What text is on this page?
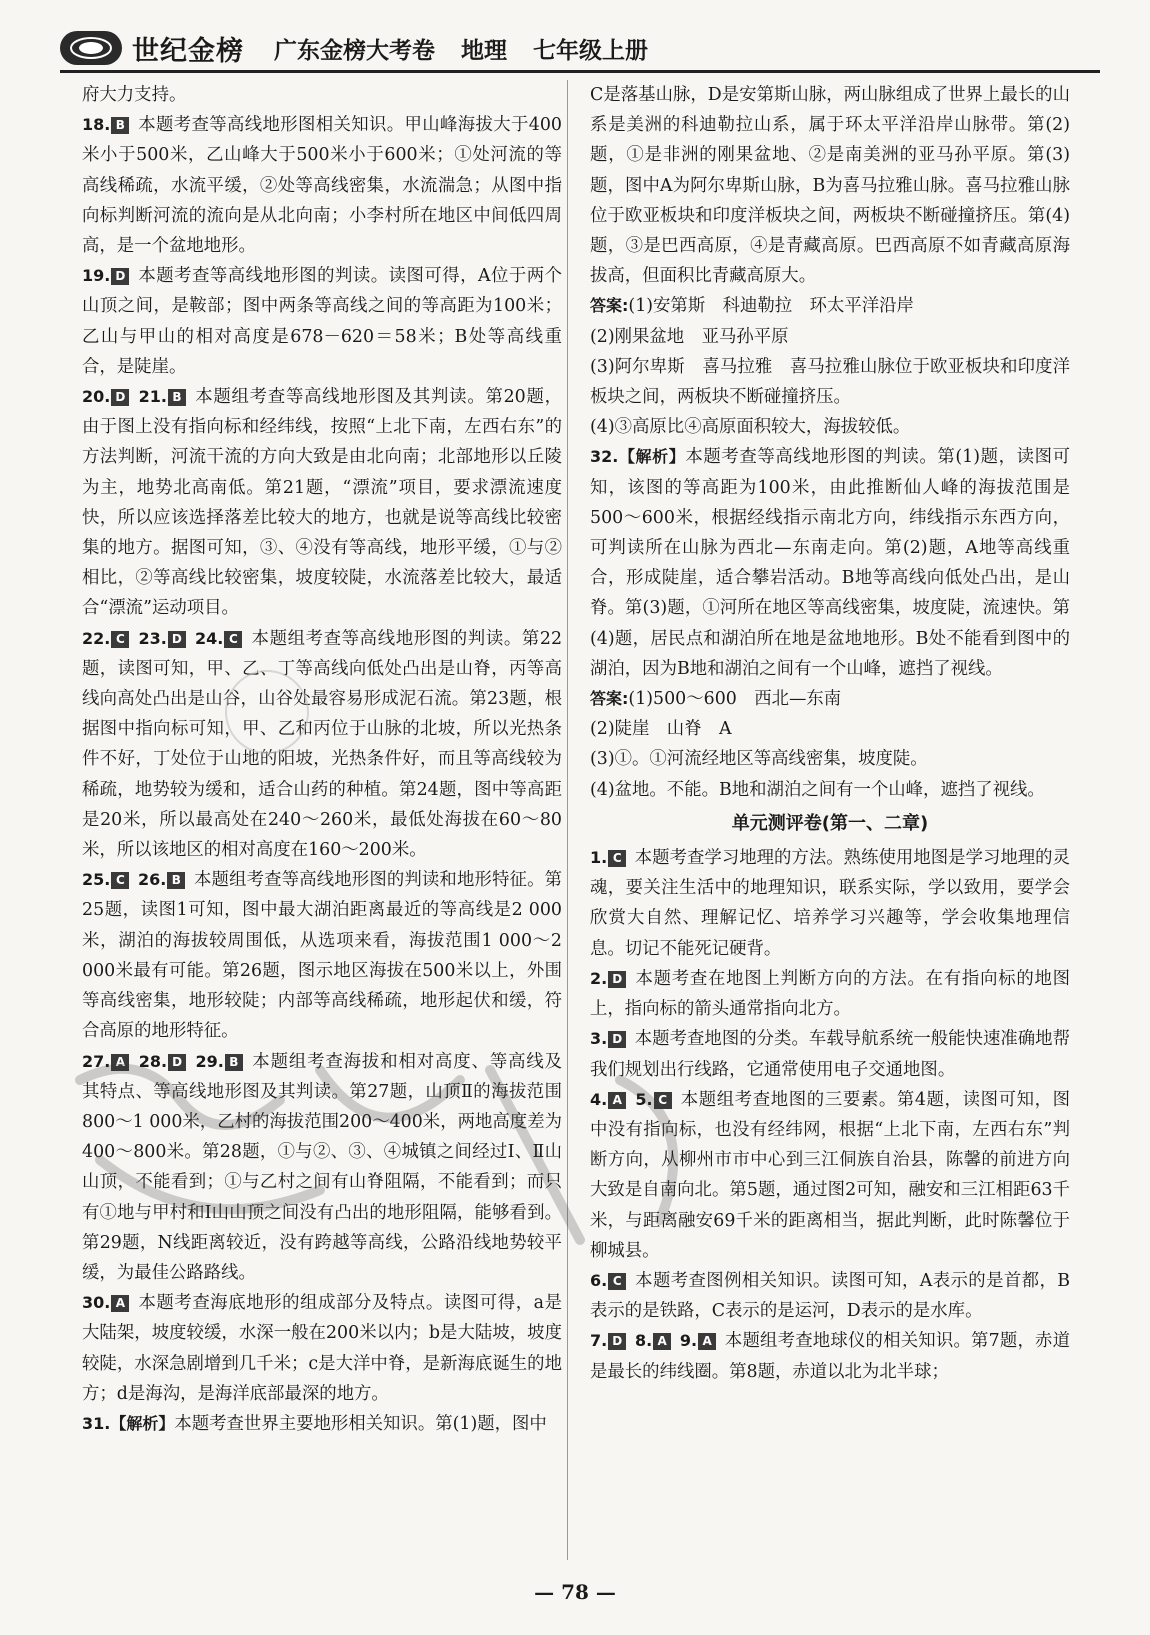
世纪金榜 广东金榜大考卷 地理 七年级上册

府大力支持。

18. B 本题考查等高线地形图相关知识。甲山峰海拔大于400米小于500米，乙山峰大于500米小于600米；①处河流的等高线稀疏，水流平缓，②处等高线密集，水流湍急；从图中指向标判断河流的流向是从北向南；小李村所在地区中间低四周高，是一个盆地地形。

19. D 本题考查等高线地形图的判读。读图可得，A位于两个山顶之间，是鞍部；图中两条等高线之间的等高距为100米；乙山与甲山的相对高度是678－620＝58米；B处等高线重合，是陡崖。

20. D 21. B 本题组考查等高线地形图及其判读。第20题，由于图上没有指向标和经纬线，按照“上北下南，左西右东”的方法判断，河流干流的方向大致是由北向南；北部地形以丘陵为主，地势北高南低。第21题，“漂流”项目，要求漂流速度快，所以应该选择落差比较大的地方，也就是说等高线比较密集的地方。据图可知，③、④没有等高线，地形平缓，①与②相比，②等高线比较密集，坡度较陡，水流落差比较大，最适合“漂流”运动项目。

22. C 23. D 24. C 本题组考查等高线地形图的判读。第22题，读图可知，甲、乙、丁等高线向低处凸出是山脊，丙等高线向高处凸出是山谷，山谷处最容易形成泥石流。第23题，根据图中指向标可知，甲、乙和丙位于山脉的北坡，所以光热条件不好，丁处位于山地的阳坡，光热条件好，而且等高线较为稀疏，地势较为缓和，适合山药的种植。第24题，图中等高距是20米，所以最高处在240～260米，最低处海拔在60～80米，所以该地区的相对高度在160～200米。

25. C 26. B 本题组考查等高线地形图的判读和地形特征。第25题，读图1可知，图中最大湖泊距离最近的等高线是2 000米，湖泊的海拔较周围低，从选项来看，海拔范围1 000～2 000米最有可能。第26题，图示地区海拔在500米以上，外围等高线密集，地形较陡；内部等高线稀疏，地形起伏和缓，符合高原的地形特征。

27. A 28. D 29. B 本题组考查海拔和相对高度、等高线及其特点、等高线地形图及其判读。第27题，山顶Ⅱ的海拔范围800～1 000米，乙村的海拔范围200～400米，两地高度差为400～800米。第28题，①与②、③、④城镇之间经过Ⅰ、Ⅱ山山顶，不能看到；①与乙村之间有山脊阻隔，不能看到；而只有①地与甲村和Ⅰ山山顶之间没有凸出的地形阻隔，能够看到。第29题，N线距离较近，没有跨越等高线，公路沿线地势较平缓，为最佳公路路线。

30. A 本题考查海底地形的组成部分及特点。读图可得，a是大陆架，坡度较缓，水深一般在200米以内；b是大陆坡，坡度较陡，水深急剧增到几千米；c是大洋中脊，是新海底诞生的地方；d是海沟，是海洋底部最深的地方。

31.【解析】本题考查世界主要地形相关知识。第(1)题，图中

C是落基山脉，D是安第斯山脉，两山脉组成了世界上最长的山系是美洲的科迪勒拉山系，属于环太平洋沿岸山脉带。第(2)题，①是非洲的刚果盆地、②是南美洲的亚马孙平原。第(3)题，图中A为阿尔卑斯山脉，B为喜马拉雅山脉。喜马拉雅山脉位于欧亚板块和印度洋板块之间，两板块不断碰撞挤压。第(4)题，③是巴西高原，④是青藏高原。巴西高原不如青藏高原海拔高，但面积比青藏高原大。

答案:(1)安第斯　科迪勒拉　环太平洋沿岸

(2)刚果盆地　亚马孙平原

(3)阿尔卑斯　喜马拉雅　喜马拉雅山脉位于欧亚板块和印度洋板块之间，两板块不断碰撞挤压。

(4)③高原比④高原面积较大，海拔较低。

32.【解析】本题考查等高线地形图的判读。第(1)题，读图可知，该图的等高距为100米，由此推断仙人峰的海拔范围是500～600米，根据经线指示南北方向，纬线指示东西方向，可判读所在山脉为西北—东南走向。第(2)题，A地等高线重合，形成陡崖，适合攀岩活动。B地等高线向低处凸出，是山脊。第(3)题，①河所在地区等高线密集，坡度陡，流速快。第(4)题，居民点和湖泊所在地是盆地地形。B处不能看到图中的湖泊，因为B地和湖泊之间有一个山峰，遮挡了视线。

答案:(1)500～600　西北—东南

(2)陡崖　山脊　A

(3)①。①河流经地区等高线密集，坡度陡。

(4)盆地。不能。B地和湖泊之间有一个山峰，遮挡了视线。

单元测评卷(第一、二章)

1. C 本题考查学习地理的方法。熟练使用地图是学习地理的灵魂，要关注生活中的地理知识，联系实际，学以致用，要学会欣赏大自然、理解记忆、培养学习兴趣等，学会收集地理信息。切记不能死记硬背。

2. D 本题考查在地图上判断方向的方法。在有指向标的地图上，指向标的箭头通常指向北方。

3. D 本题考查地图的分类。车载导航系统一般能快速准确地帮我们规划出行线路，它通常使用电子交通地图。

4. A 5. C 本题组考查地图的三要素。第4题，读图可知，图中没有指向标，也没有经纬网，根据“上北下南，左西右东”判断方向，从柳州市市中心到三江侗族自治县，陈馨的前进方向大致是自南向北。第5题，通过图2可知，融安和三江相距63千米，与距离融安69千米的距离相当，据此判断，此时陈馨位于柳城县。

6. C 本题考查图例相关知识。读图可知，A表示的是首都，B表示的是铁路，C表示的是运河，D表示的是水库。

7. D 8. A 9. A 本题组考查地球仪的相关知识。第7题，赤道是最长的纬线圈。第8题，赤道以北为北半球；

— 78 —
